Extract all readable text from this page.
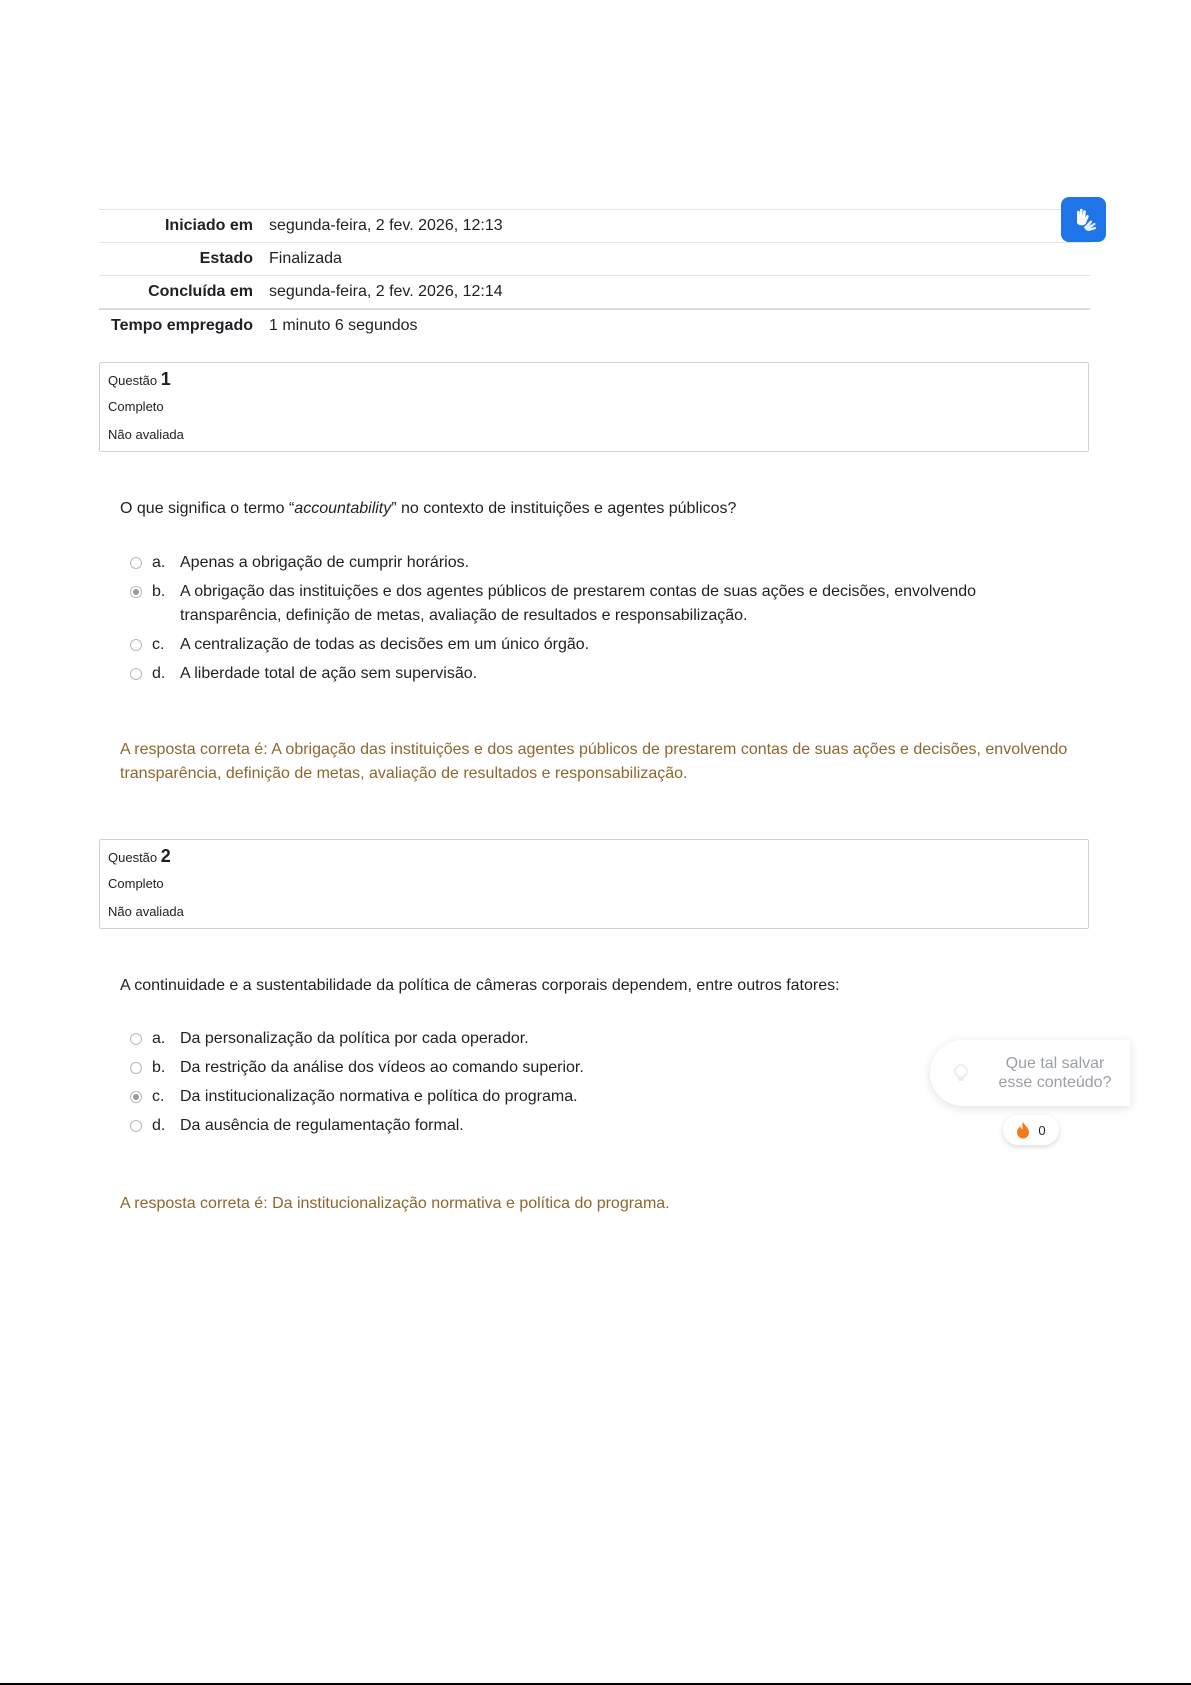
Iniciado em	segunda-feira, 2 fev. 2026, 12:13
Estado	Finalizada
Concluída em	segunda-feira, 2 fev. 2026, 12:14
Tempo empregado	1 minuto 6 segundos
Questão 1
Completo
Não avaliada
O que significa o termo “accountability” no contexto de instituições e agentes públicos?
a. Apenas a obrigação de cumprir horários.
b. A obrigação das instituições e dos agentes públicos de prestarem contas de suas ações e decisões, envolvendo transparência, definição de metas, avaliação de resultados e responsabilização.
c. A centralização de todas as decisões em um único órgão.
d. A liberdade total de ação sem supervisão.
A resposta correta é: A obrigação das instituições e dos agentes públicos de prestarem contas de suas ações e decisões, envolvendo transparência, definição de metas, avaliação de resultados e responsabilização.
Questão 2
Completo
Não avaliada
A continuidade e a sustentabilidade da política de câmeras corporais dependem, entre outros fatores:
a. Da personalização da política por cada operador.
b. Da restrição da análise dos vídeos ao comando superior.
c. Da institucionalização normativa e política do programa.
d. Da ausência de regulamentação formal.
A resposta correta é: Da institucionalização normativa e política do programa.
Que tal salvar esse conteúdo?
0
